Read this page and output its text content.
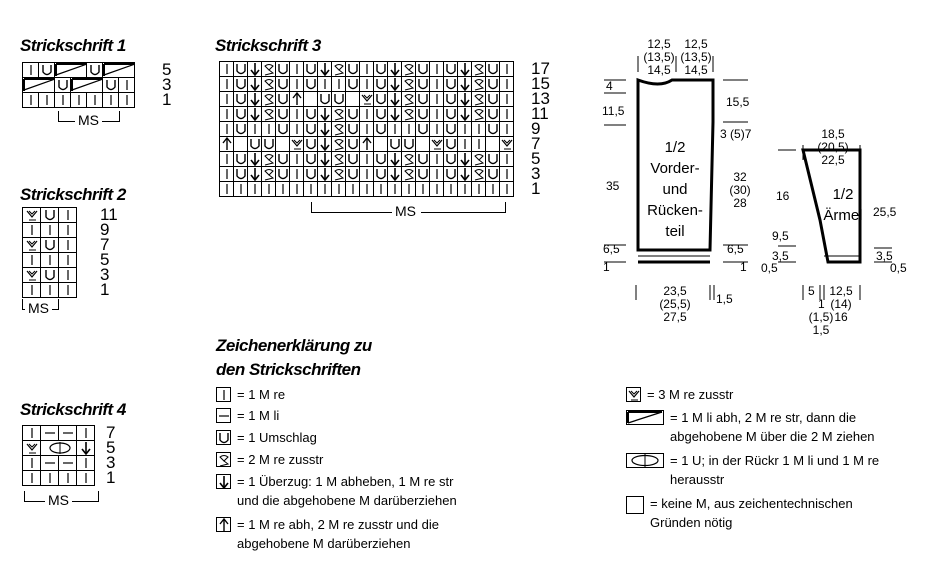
Strickschrift 1
5
3
1
MS
Strickschrift 2
11
9
7
5
3
1
MS
Strickschrift 3
17
15
13
11
9
7
5
3
1
MS
Strickschrift 4
7
5
3
1
MS
Zeichenerklärung zu
den Strickschriften
= 1 M re
= 1 M li
= 1 Umschlag
= 2 M re zusstr
= 1 Überzug: 1 M abheben, 1 M re str
und die abgehobene M darüberziehen
= 1 M re abh, 2 M re zusstr und die
abgehobene M darüberziehen
= 3 M re zusstr
= 1 M li abh, 2 M re str, dann die
abgehobene M über die 2 M ziehen
= 1 U; in der Rückr 1 M li und 1 M re
herausstr
= keine M, aus zeichentechnischen
Gründen nötig
12,5
(13,5)
14,5
12,5
(13,5)
14,5
4
11,5
35
6,5
1
1/2
Vorder-
und
Rücken-
teil
15,5
3 (5)7
32
(30)
28
6,5
1
23,5
(25,5)
27,5
1,5
18,5
(20,5)
22,5
1/2
Ärmel
16
9,5
3,5
0,5
25,5
3,5
0,5
5 12,5
(14)
16
1
(1,5)
1,5
